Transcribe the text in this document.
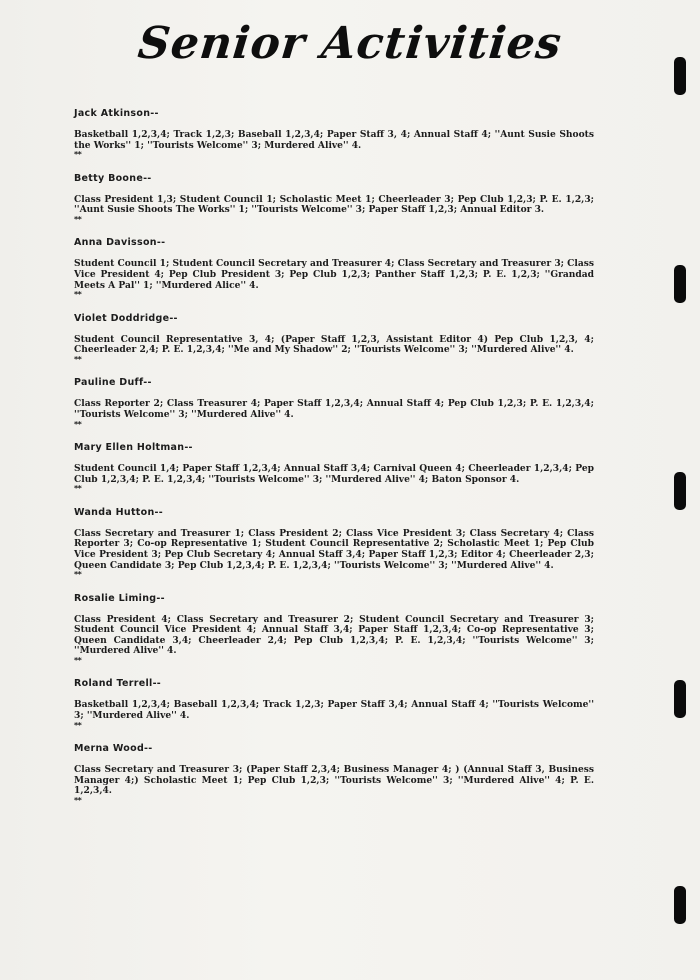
Senior Activities

Jack Atkinson--

Basketball 1,2,3,4; Track 1,2,3; Baseball 1,2,3,4; Paper Staff 3, 4; Annual Staff 4; ''Aunt Susie Shoots the Works'' 1; ''Tourists Welcome'' 3; Murdered Alive'' 4.

**

Betty Boone--

Class President 1,3; Student Council 1; Scholastic Meet 1; Cheerleader 3; Pep Club 1,2,3; P. E. 1,2,3; ''Aunt Susie Shoots The Works'' 1; ''Tourists Welcome'' 3; Paper Staff 1,2,3; Annual Editor 3.

**

Anna Davisson--

Student Council 1; Student Council Secretary and Treasurer 4; Class Secretary and Treasurer 3; Class Vice President 4; Pep Club President 3; Pep Club 1,2,3; Panther Staff 1,2,3; P. E. 1,2,3; ''Grandad Meets A Pal'' 1; ''Murdered Alice'' 4.

**

Violet Doddridge--

Student Council Representative 3, 4; (Paper Staff 1,2,3, Assistant Editor 4) Pep Club 1,2,3, 4; Cheerleader 2,4; P. E. 1,2,3,4; ''Me and My Shadow'' 2; ''Tourists Welcome'' 3; ''Murdered Alive'' 4.

**

Pauline Duff--

Class Reporter 2; Class Treasurer 4; Paper Staff 1,2,3,4; Annual Staff 4; Pep Club 1,2,3; P. E. 1,2,3,4; ''Tourists Welcome'' 3; ''Murdered Alive'' 4.

**

Mary Ellen Holtman--

Student Council 1,4; Paper Staff 1,2,3,4; Annual Staff 3,4; Carnival Queen 4; Cheerleader 1,2,3,4; Pep Club 1,2,3,4; P. E. 1,2,3,4; ''Tourists Welcome'' 3; ''Murdered Alive'' 4; Baton Sponsor 4.

**

Wanda Hutton--

Class Secretary and Treasurer 1; Class President 2; Class Vice President 3; Class Secretary 4; Class Reporter 3; Co-op Representative 1; Student Council Representative 2; Scholastic Meet 1; Pep Club Vice President 3; Pep Club Secretary 4; Annual Staff 3,4; Paper Staff 1,2,3; Editor 4; Cheerleader 2,3; Queen Candidate 3; Pep Club 1,2,3,4; P. E. 1,2,3,4; ''Tourists Welcome'' 3; ''Murdered Alive'' 4.

**

Rosalie Liming--

Class President 4; Class Secretary and Treasurer 2; Student Council Secretary and Treasurer 3; Student Council Vice President 4; Annual Staff 3,4; Paper Staff 1,2,3,4; Co-op Representative 3; Queen Candidate 3,4; Cheerleader 2,4; Pep Club 1,2,3,4; P. E. 1,2,3,4; ''Tourists Welcome'' 3; ''Murdered Alive'' 4.

**

Roland Terrell--

Basketball 1,2,3,4; Baseball 1,2,3,4; Track 1,2,3; Paper Staff 3,4; Annual Staff 4; ''Tourists Welcome'' 3; ''Murdered Alive'' 4.

**

Merna Wood--

Class Secretary and Treasurer 3; (Paper Staff 2,3,4; Business Manager 4; ) (Annual Staff 3, Business Manager 4;) Scholastic Meet 1; Pep Club 1,2,3; ''Tourists Welcome'' 3; ''Murdered Alive'' 4; P. E. 1,2,3,4.

**
